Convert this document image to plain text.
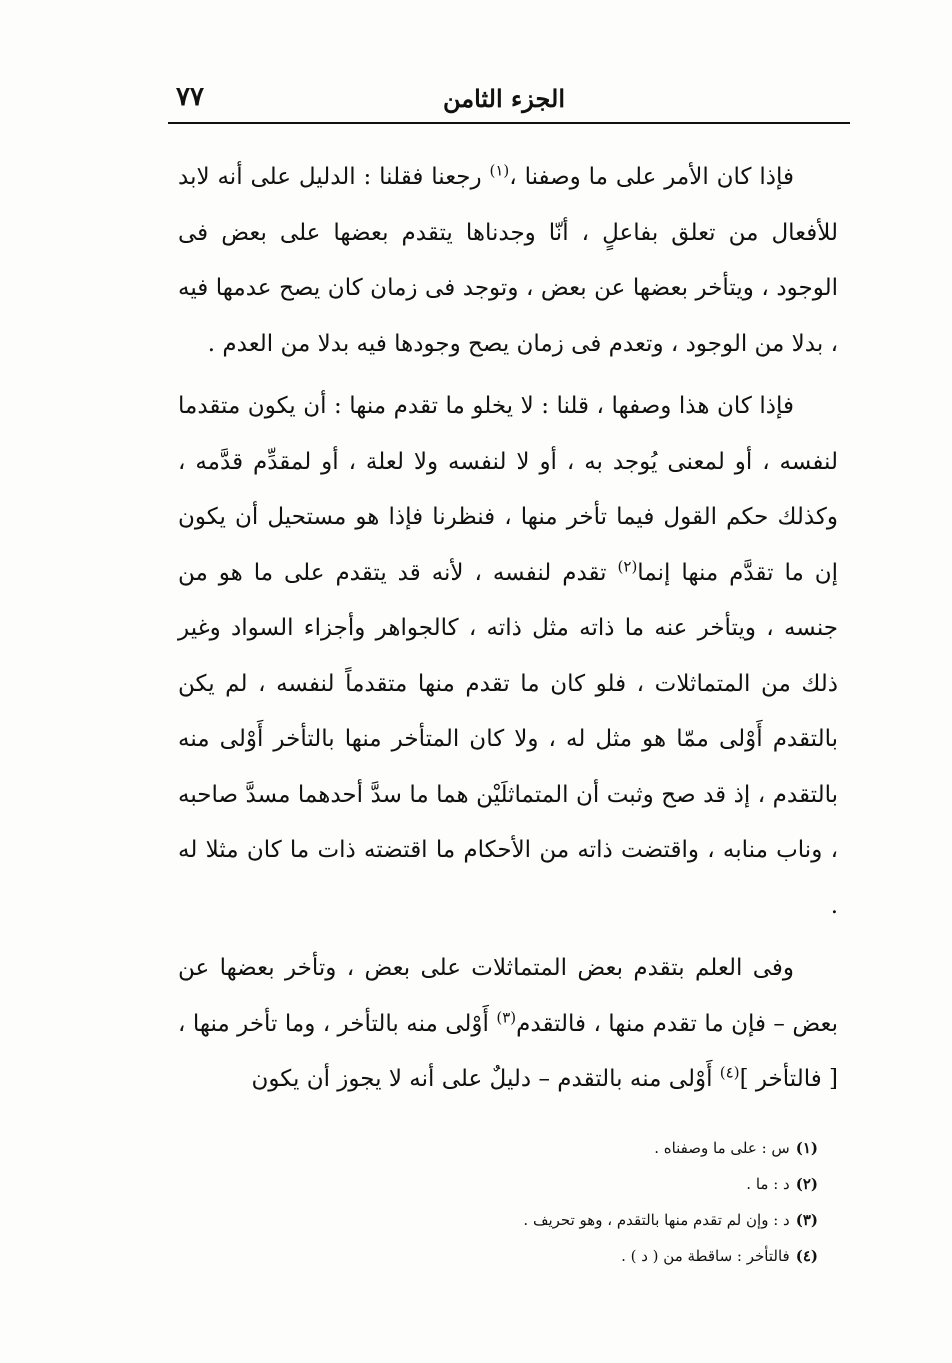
الجزء الثامن
٧٧

فإذا كان الأمر على ما وصفنا ،$^{(١)}$ رجعنا فقلنا : الدليل على أنه لابد للأفعال من تعلق بفاعلٍ ، أنّا وجدناها يتقدم بعضها على بعض فى الوجود ، ويتأخر بعضها عن بعض ، وتوجد فى زمان كان يصح عدمها فيه ، بدلا من الوجود ، وتعدم فى زمان يصح وجودها فيه بدلا من العدم .

فإذا كان هذا وصفها ، قلنا : لا يخلو ما تقدم منها : أن يكون متقدما لنفسه ، أو لمعنى يُوجد به ، أو لا لنفسه ولا لعلة ، أو لمقدِّم قدَّمه ، وكذلك حكم القول فيما تأخر منها ، فنظرنا فإذا هو مستحيل أن يكون إن ما تقدَّم منها إنما$^{(٢)}$ تقدم لنفسه ، لأنه قد يتقدم على ما هو من جنسه ، ويتأخر عنه ما ذاته مثل ذاته ، كالجواهر وأجزاء السواد وغير ذلك من المتماثلات ، فلو كان ما تقدم منها متقدماً لنفسه ، لم يكن بالتقدم أَوْلى ممّا هو مثل له ، ولا كان المتأخر منها بالتأخر أَوْلى منه بالتقدم ، إذ قد صح وثبت أن المتماثلَيْن هما ما سدَّ أحدهما مسدَّ صاحبه ، وناب منابه ، واقتضت ذاته من الأحكام ما اقتضته ذات ما كان مثلا له .

وفى العلم بتقدم بعض المتماثلات على بعض ، وتأخر بعضها عن بعض – فإن ما تقدم منها ، فالتقدم$^{(٣)}$ أَوْلى منه بالتأخر ، وما تأخر منها ، [ فالتأخر ]$^{(٤)}$ أَوْلى منه بالتقدم – دليلٌ على أنه لا يجوز أن يكون

(١)س : على ما وصفناه .
(٢)د : ما .
(٣)د : وإن لم تقدم منها بالتقدم ، وهو تحريف .
(٤)فالتأخر : ساقطة من ( د ) .
